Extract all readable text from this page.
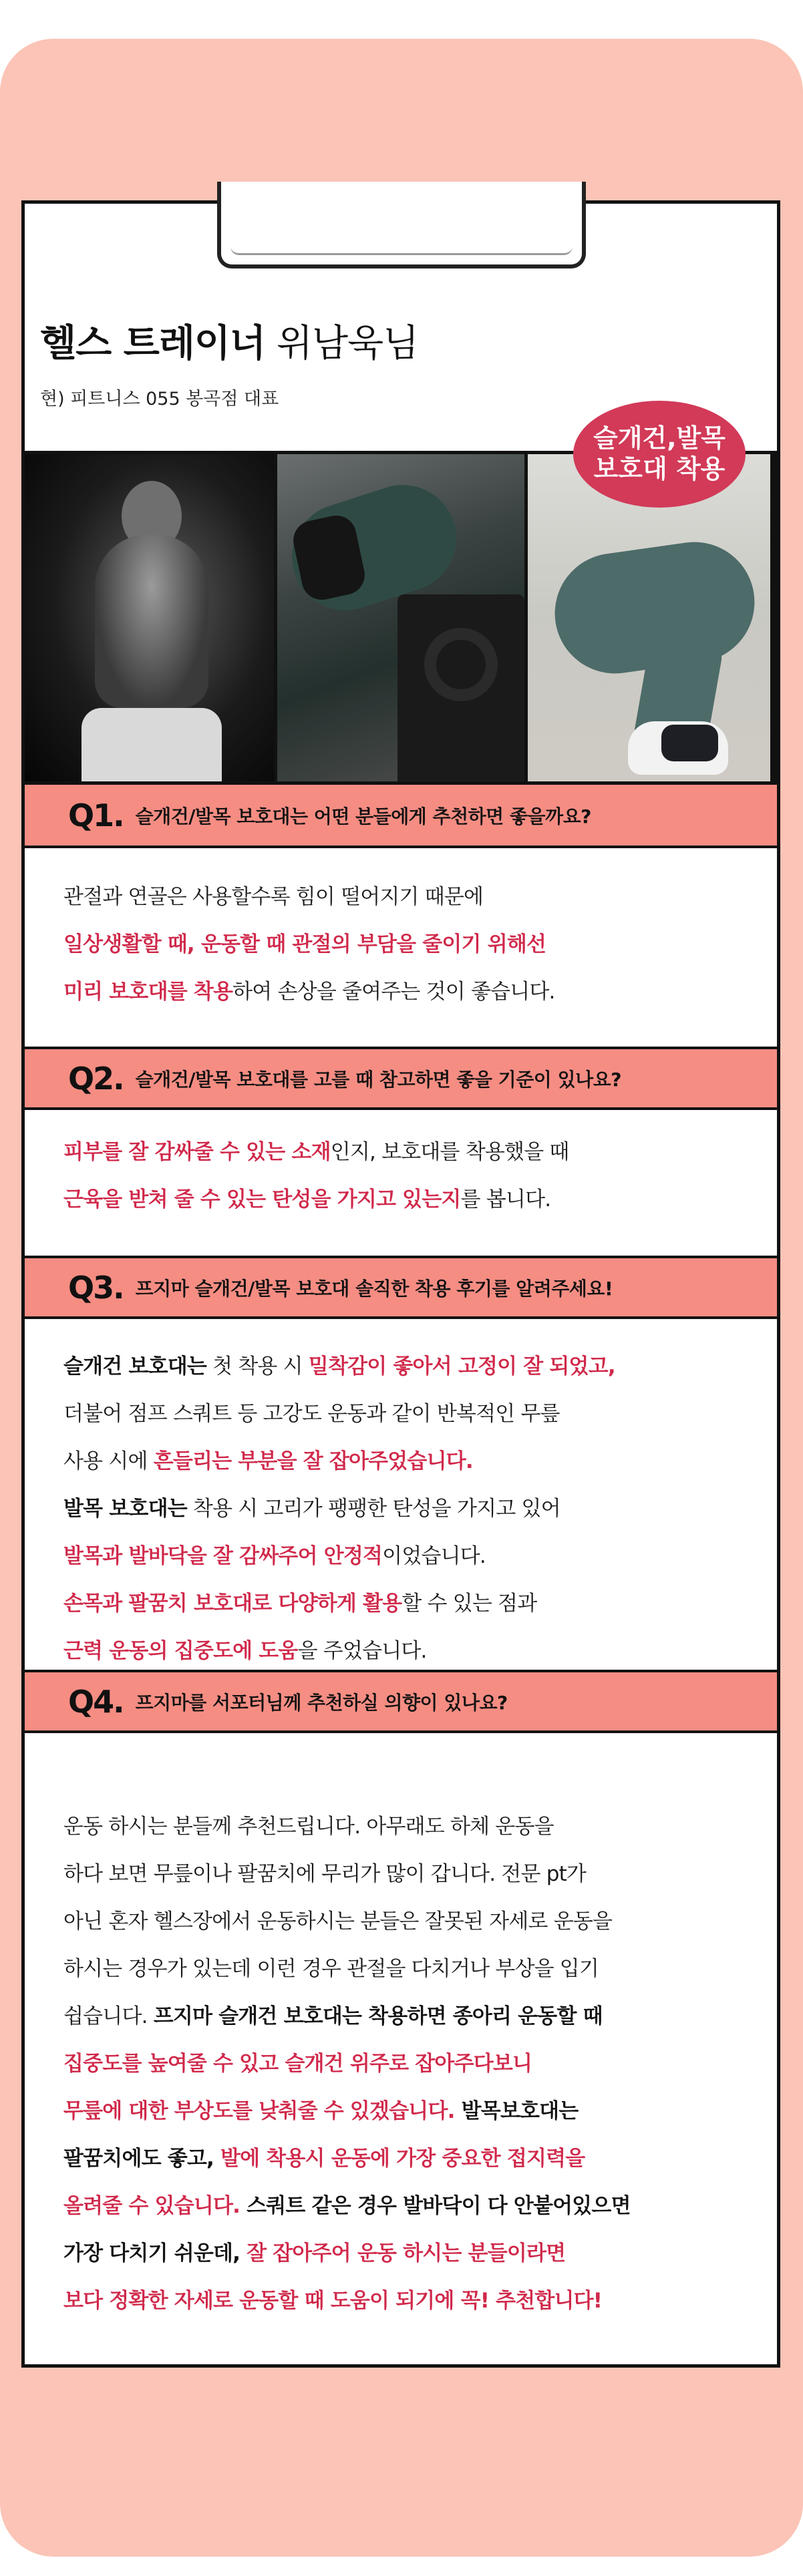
헬스 트레이너 위남욱님
현) 피트니스 055 봉곡점 대표
슬개건,발목
보호대 착용
Q1. 슬개건/발목 보호대는 어떤 분들에게 추천하면 좋을까요?

관절과 연골은 사용할수록 힘이 떨어지기 때문에

일상생활할 때, 운동할 때 관절의 부담을 줄이기 위해선

미리 보호대를 착용하여 손상을 줄여주는 것이 좋습니다.

Q2. 슬개건/발목 보호대를 고를 때 참고하면 좋을 기준이 있나요?

피부를 잘 감싸줄 수 있는 소재인지, 보호대를 착용했을 때

근육을 받쳐 줄 수 있는 탄성을 가지고 있는지를 봅니다.

Q3. 프지마 슬개건/발목 보호대 솔직한 착용 후기를 알려주세요!

슬개건 보호대는 첫 착용 시 밀착감이 좋아서 고정이 잘 되었고,

더불어 점프 스쿼트 등 고강도 운동과 같이 반복적인 무릎

사용 시에 흔들리는 부분을 잘 잡아주었습니다.

발목 보호대는 착용 시 고리가 팽팽한 탄성을 가지고 있어

발목과 발바닥을 잘 감싸주어 안정적이었습니다.

손목과 팔꿈치 보호대로 다양하게 활용할 수 있는 점과

근력 운동의 집중도에 도움을 주었습니다.

Q4. 프지마를 서포터님께 추천하실 의향이 있나요?

운동 하시는 분들께 추천드립니다. 아무래도 하체 운동을

하다 보면 무릎이나 팔꿈치에 무리가 많이 갑니다. 전문 pt가

아닌 혼자 헬스장에서 운동하시는 분들은 잘못된 자세로 운동을

하시는 경우가 있는데 이런 경우 관절을 다치거나 부상을 입기

쉽습니다. 프지마 슬개건 보호대는 착용하면 종아리 운동할 때

집중도를 높여줄 수 있고 슬개건 위주로 잡아주다보니

무릎에 대한 부상도를 낮춰줄 수 있겠습니다. 발목보호대는

팔꿈치에도 좋고, 발에 착용시 운동에 가장 중요한 접지력을

올려줄 수 있습니다. 스쿼트 같은 경우 발바닥이 다 안붙어있으면

가장 다치기 쉬운데, 잘 잡아주어 운동 하시는 분들이라면

보다 정확한 자세로 운동할 때 도움이 되기에 꼭! 추천합니다!
